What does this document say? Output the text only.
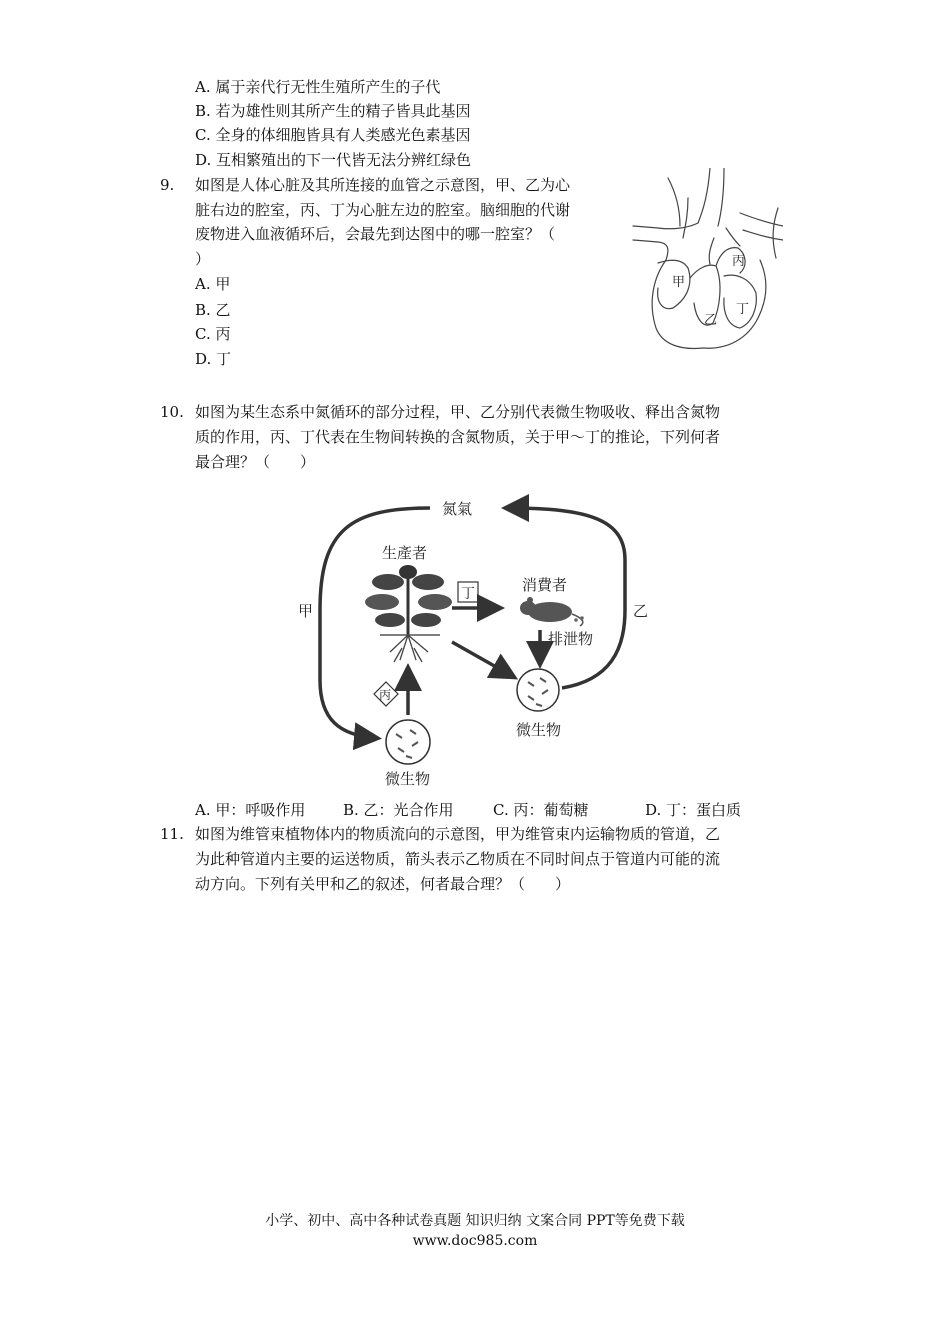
A. 属于亲代行无性生殖所产生的子代
B. 若为雄性则其所产生的精子皆具此基因
C. 全身的体细胞皆具有人类感光色素基因
D. 互相繁殖出的下一代皆无法分辨红绿色
9. 如图是人体心脏及其所连接的血管之示意图，甲、乙为心
脏右边的腔室，丙、丁为心脏左边的腔室。脑细胞的代谢
废物进入血液循环后，会最先到达图中的哪一腔室？（
）
A. 甲
B. 乙
C. 丙
D. 丁
甲
乙
丙
丁
10. 如图为某生态系中氮循环的部分过程，甲、乙分别代表微生物吸收、释出含氮物
质的作用，丙、丁代表在生物间转换的含氮物质，关于甲～丁的推论，下列何者
最合理？（　　）
氮氣
甲	乙
生產者
丁	消費者
排泄物
微生物
丙
微生物
A. 甲：呼吸作用	B. 乙：光合作用	C. 丙：葡萄糖	D. 丁：蛋白质
11. 如图为维管束植物体内的物质流向的示意图，甲为维管束内运输物质的管道，乙
为此种管道内主要的运送物质，箭头表示乙物质在不同时间点于管道内可能的流
动方向。下列有关甲和乙的叙述，何者最合理？（　　）
小学、初中、高中各种试卷真题 知识归纳 文案合同 PPT等免费下载
www.doc985.com
